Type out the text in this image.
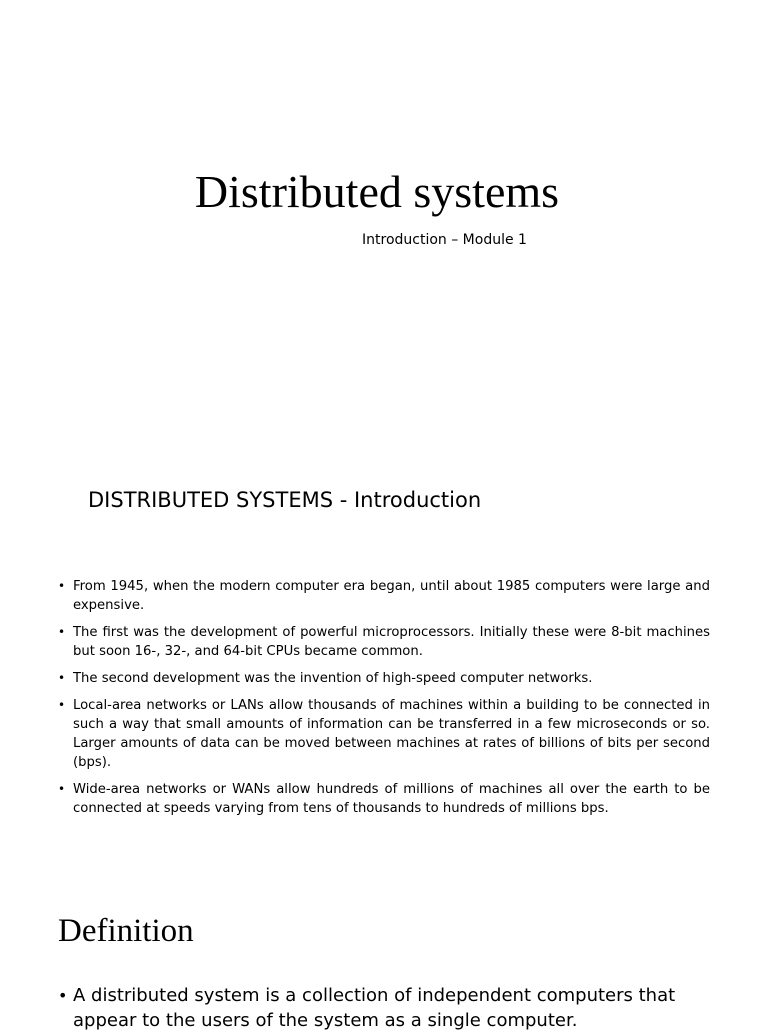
Distributed systems

Introduction – Module 1

DISTRIBUTED SYSTEMS - Introduction
• From 1945, when the modern computer era began, until about 1985 computers were large and expensive.
• The first was the development of powerful microprocessors. Initially these were 8-bit machines but soon 16-, 32-, and 64-bit CPUs became common.
• The second development was the invention of high-speed computer networks.
• Local-area networks or LANs allow thousands of machines within a building to be connected in such a way that small amounts of information can be transferred in a few microseconds or so. Larger amounts of data can be moved between machines at rates of billions of bits per second (bps).
• Wide-area networks or WANs allow hundreds of millions of machines all over the earth to be connected at speeds varying from tens of thousands to hundreds of millions bps.
Definition
• A distributed system is a collection of independent computers that appear to the users of the system as a single computer.
